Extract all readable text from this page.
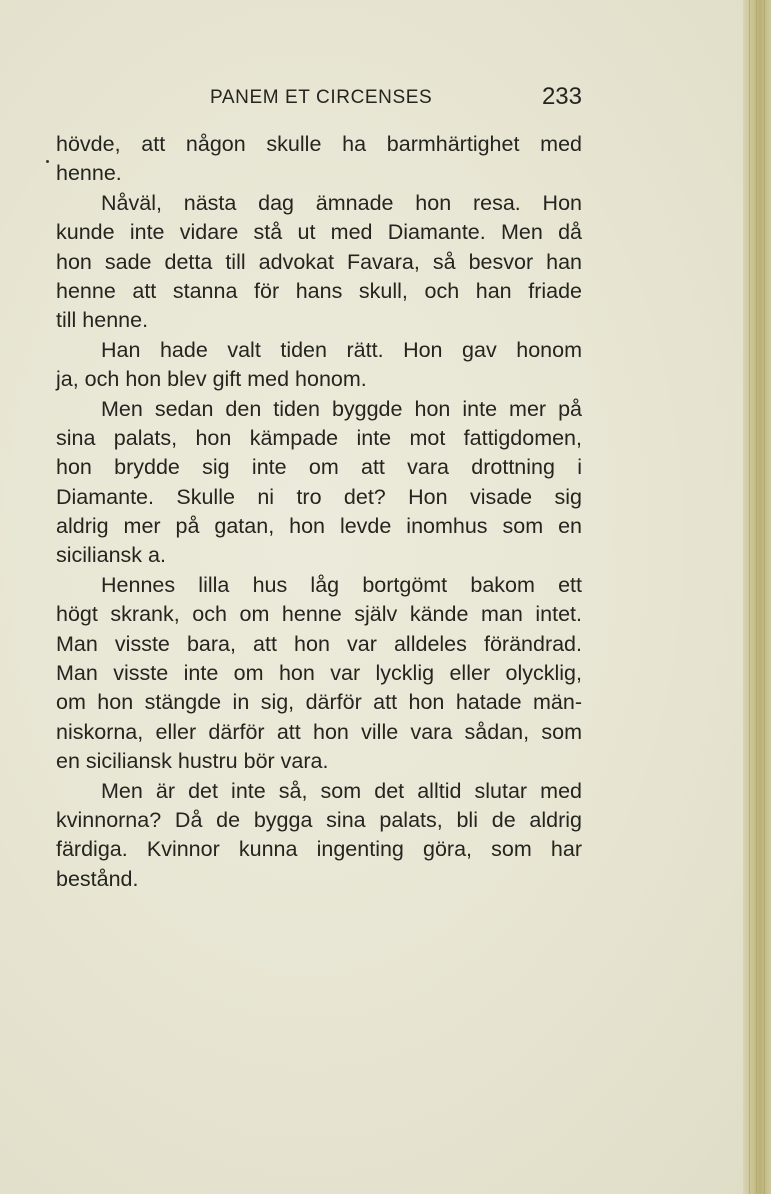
PANEM ET CIRCENSES	233
hövde, att någon skulle ha barmhärtighet med
henne.
Nåväl, nästa dag ämnade hon resa. Hon
kunde inte vidare stå ut med Diamante. Men då
hon sade detta till advokat Favara, så besvor han
henne att stanna för hans skull, och han friade
till henne.
Han hade valt tiden rätt. Hon gav honom
ja, och hon blev gift med honom.
Men sedan den tiden byggde hon inte mer på
sina palats, hon kämpade inte mot fattigdomen,
hon brydde sig inte om att vara drottning i
Diamante. Skulle ni tro det? Hon visade sig
aldrig mer på gatan, hon levde inomhus som en
siciliansk a.
Hennes lilla hus låg bortgömt bakom ett
högt skrank, och om henne själv kände man intet.
Man visste bara, att hon var alldeles förändrad.
Man visste inte om hon var lycklig eller olycklig,
om hon stängde in sig, därför att hon hatade män-
niskorna, eller därför att hon ville vara sådan, som
en siciliansk hustru bör vara.
Men är det inte så, som det alltid slutar med
kvinnorna? Då de bygga sina palats, bli de aldrig
färdiga. Kvinnor kunna ingenting göra, som har
bestånd.
